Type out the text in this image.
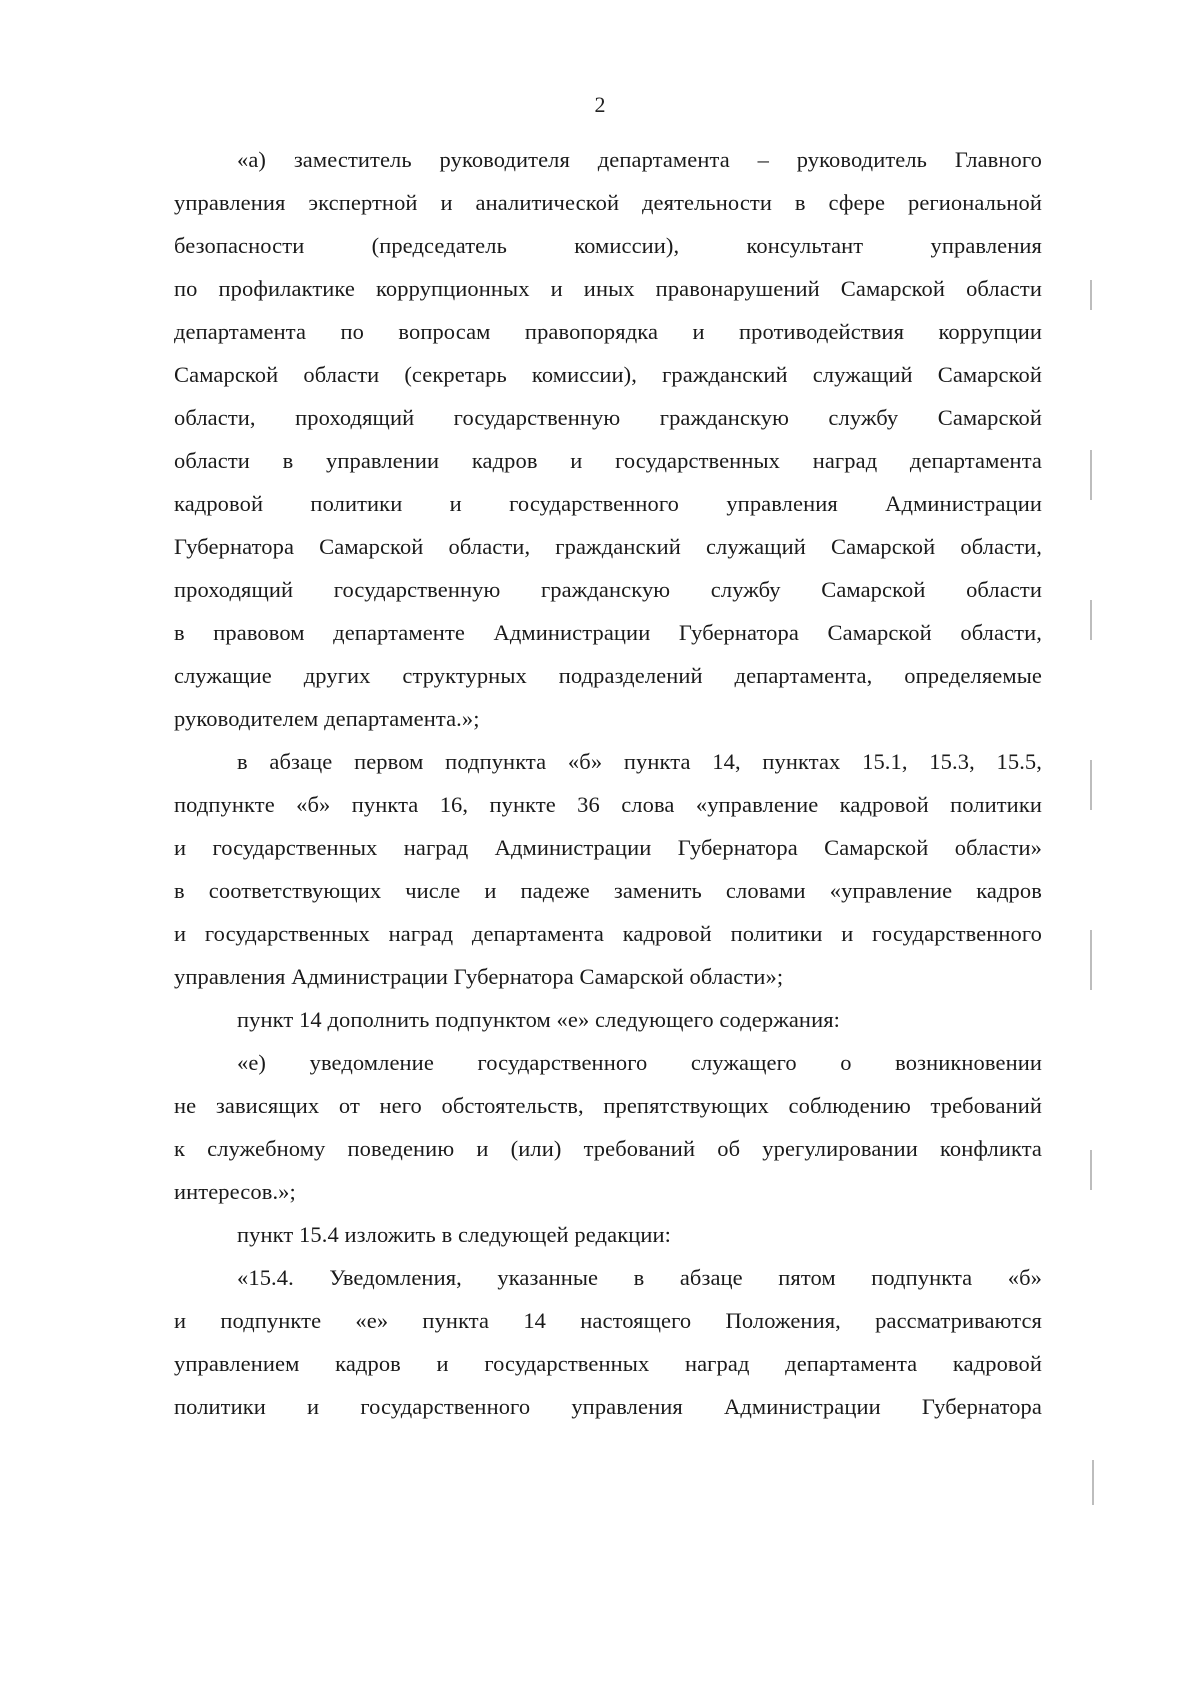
2
«а) заместитель руководителя департамента – руководитель Главного
управления экспертной и аналитической деятельности в сфере региональной
безопасности (председатель комиссии), консультант управления
по профилактике коррупционных и иных правонарушений Самарской области
департамента по вопросам правопорядка и противодействия коррупции
Самарской области (секретарь комиссии), гражданский служащий Самарской
области, проходящий государственную гражданскую службу Самарской
области в управлении кадров и государственных наград департамента
кадровой политики и государственного управления Администрации
Губернатора Самарской области, гражданский служащий Самарской области,
проходящий государственную гражданскую службу Самарской области
в правовом департаменте Администрации Губернатора Самарской области,
служащие других структурных подразделений департамента, определяемые
руководителем департамента.»;
в абзаце первом подпункта «б» пункта 14, пунктах 15.1, 15.3, 15.5,
подпункте «б» пункта 16, пункте 36 слова «управление кадровой политики
и государственных наград Администрации Губернатора Самарской области»
в соответствующих числе и падеже заменить словами «управление кадров
и государственных наград департамента кадровой политики и государственного
управления Администрации Губернатора Самарской области»;
пункт 14 дополнить подпунктом «е» следующего содержания:
«е) уведомление государственного служащего о возникновении
не зависящих от него обстоятельств, препятствующих соблюдению требований
к служебному поведению и (или) требований об урегулировании конфликта
интересов.»;
пункт 15.4 изложить в следующей редакции:
«15.4. Уведомления, указанные в абзаце пятом подпункта «б»
и подпункте «е» пункта 14 настоящего Положения, рассматриваются
управлением кадров и государственных наград департамента кадровой
политики и государственного управления Администрации Губернатора
